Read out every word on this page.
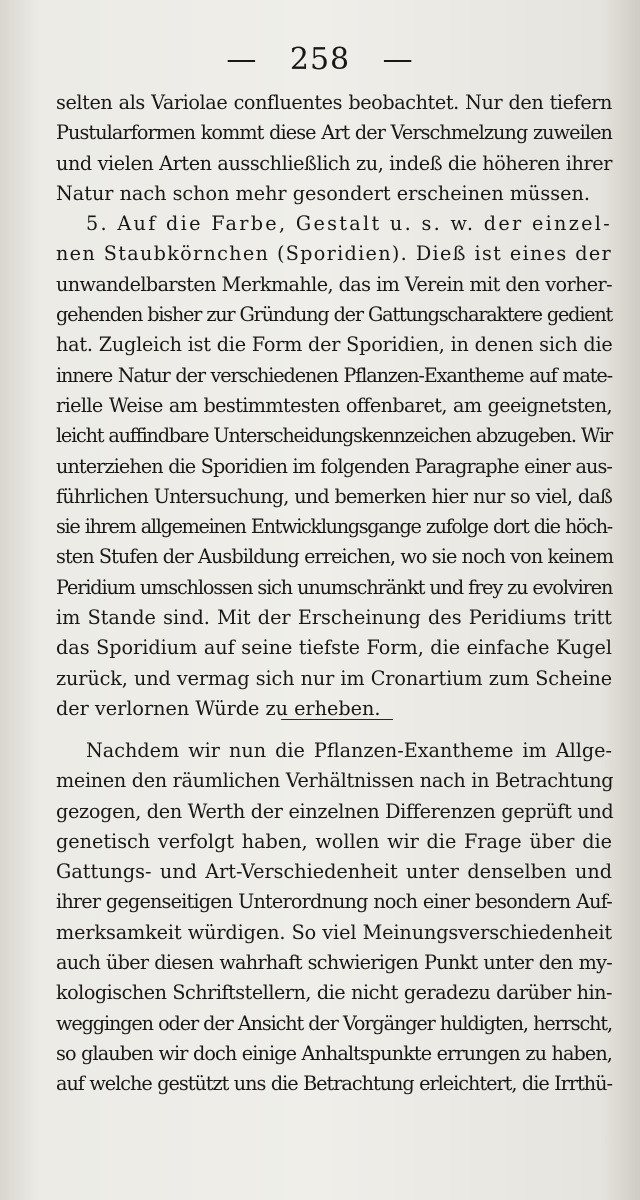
— 258 —
selten als Variolae confluentes beobachtet. Nur den tiefern
Pustularformen kommt diese Art der Verschmelzung zuweilen
und vielen Arten ausschließlich zu, indeß die höheren ihrer
Natur nach schon mehr gesondert erscheinen müssen.
5. Auf die Farbe, Gestalt u. s. w. der einzel-
nen Staubkörnchen (Sporidien). Dieß ist eines der
unwandelbarsten Merkmahle, das im Verein mit den vorher-
gehenden bisher zur Gründung der Gattungscharaktere gedient
hat. Zugleich ist die Form der Sporidien, in denen sich die
innere Natur der verschiedenen Pflanzen-Exantheme auf mate-
rielle Weise am bestimmtesten offenbaret, am geeignetsten,
leicht auffindbare Unterscheidungskennzeichen abzugeben. Wir
unterziehen die Sporidien im folgenden Paragraphe einer aus-
führlichen Untersuchung, und bemerken hier nur so viel, daß
sie ihrem allgemeinen Entwicklungsgange zufolge dort die höch-
sten Stufen der Ausbildung erreichen, wo sie noch von keinem
Peridium umschlossen sich unumschränkt und frey zu evolviren
im Stande sind. Mit der Erscheinung des Peridiums tritt
das Sporidium auf seine tiefste Form, die einfache Kugel
zurück, und vermag sich nur im Cronartium zum Scheine
der verlornen Würde zu erheben.
Nachdem wir nun die Pflanzen-Exantheme im Allge-
meinen den räumlichen Verhältnissen nach in Betrachtung
gezogen, den Werth der einzelnen Differenzen geprüft und
genetisch verfolgt haben, wollen wir die Frage über die
Gattungs- und Art-Verschiedenheit unter denselben und
ihrer gegenseitigen Unterordnung noch einer besondern Auf-
merksamkeit würdigen. So viel Meinungsverschiedenheit
auch über diesen wahrhaft schwierigen Punkt unter den my-
kologischen Schriftstellern, die nicht geradezu darüber hin-
weggingen oder der Ansicht der Vorgänger huldigten, herrscht,
so glauben wir doch einige Anhaltspunkte errungen zu haben,
auf welche gestützt uns die Betrachtung erleichtert, die Irrthü-
